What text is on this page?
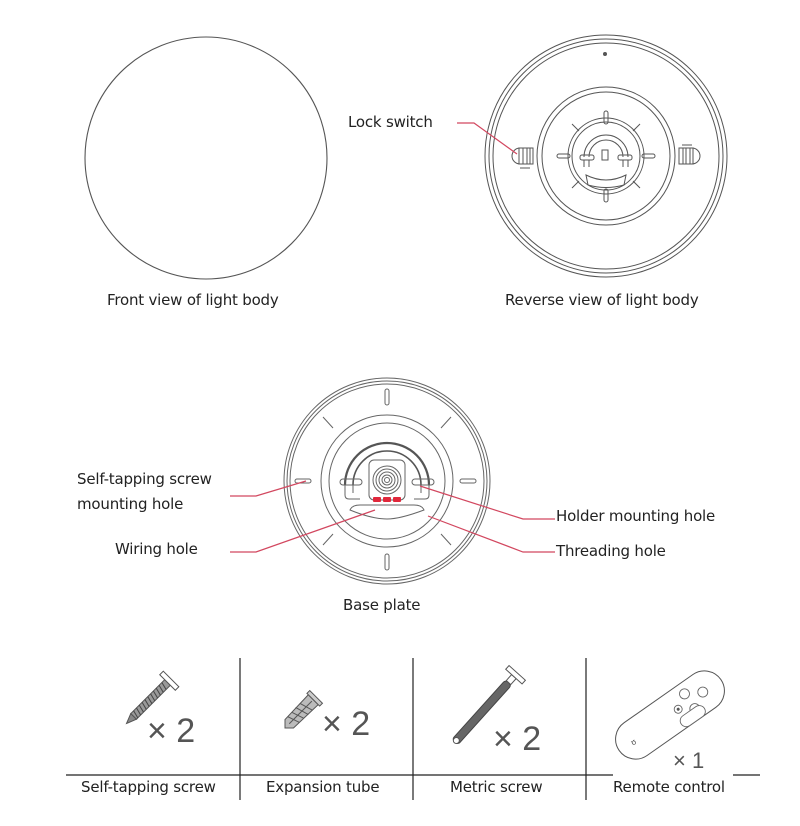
Front view of light body
Lock switch
Reverse view of light body
Self-tapping screw
mounting hole
Wiring hole
Holder mounting hole
Threading hole
Base plate
× 2
Self-tapping screw
× 2
Expansion tube
× 2
Metric screw
ʊ
× 1
Remote control
